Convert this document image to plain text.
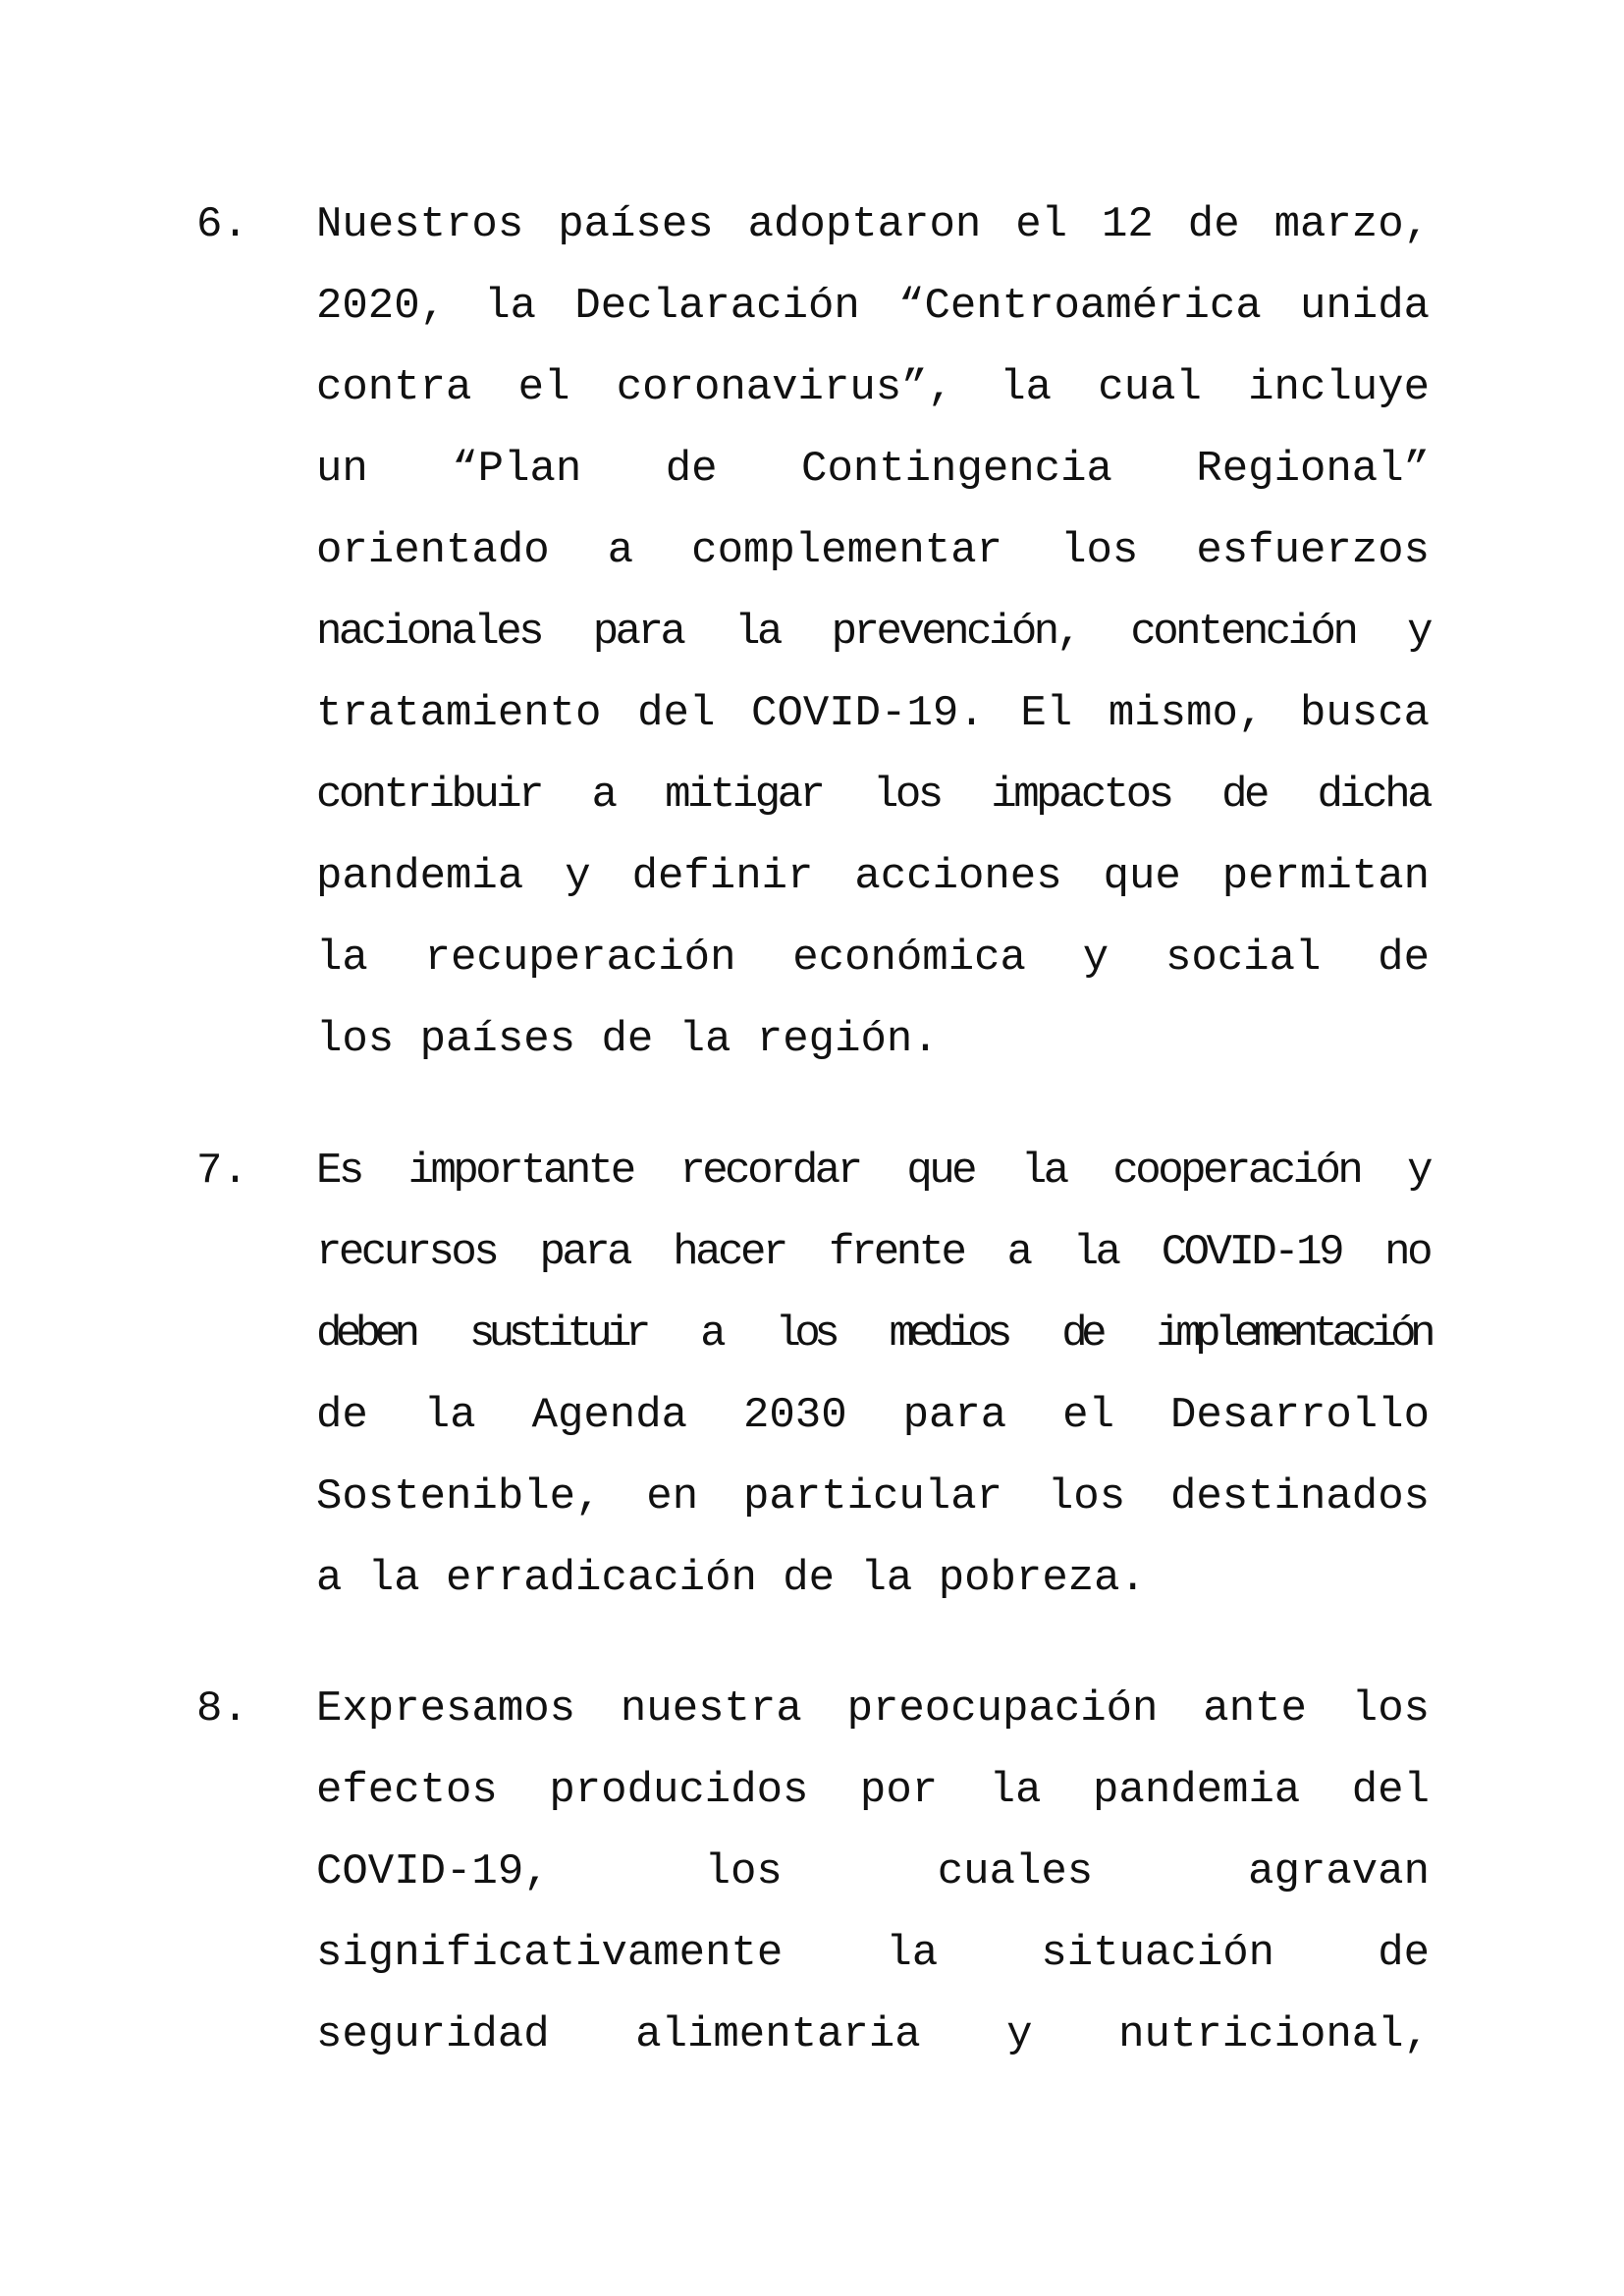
6. Nuestros países adoptaron el 12 de marzo,
2020, la Declaración “Centroamérica unida
contra el coronavirus”, la cual incluye
un “Plan de Contingencia Regional”
orientado a complementar los esfuerzos
nacionales para la prevención, contención y
tratamiento del COVID-19. El mismo, busca
contribuir a mitigar los impactos de dicha
pandemia y definir acciones que permitan
la recuperación económica y social de
los países de la región.
7. Es importante recordar que la cooperación y
recursos para hacer frente a la COVID-19 no
deben sustituir a los medios de implementación
de la Agenda 2030 para el Desarrollo
Sostenible, en particular los destinados
a la erradicación de la pobreza.
8. Expresamos nuestra preocupación ante los
efectos producidos por la pandemia del
COVID-19, los cuales agravan
significativamente la situación de
seguridad alimentaria y nutricional,
